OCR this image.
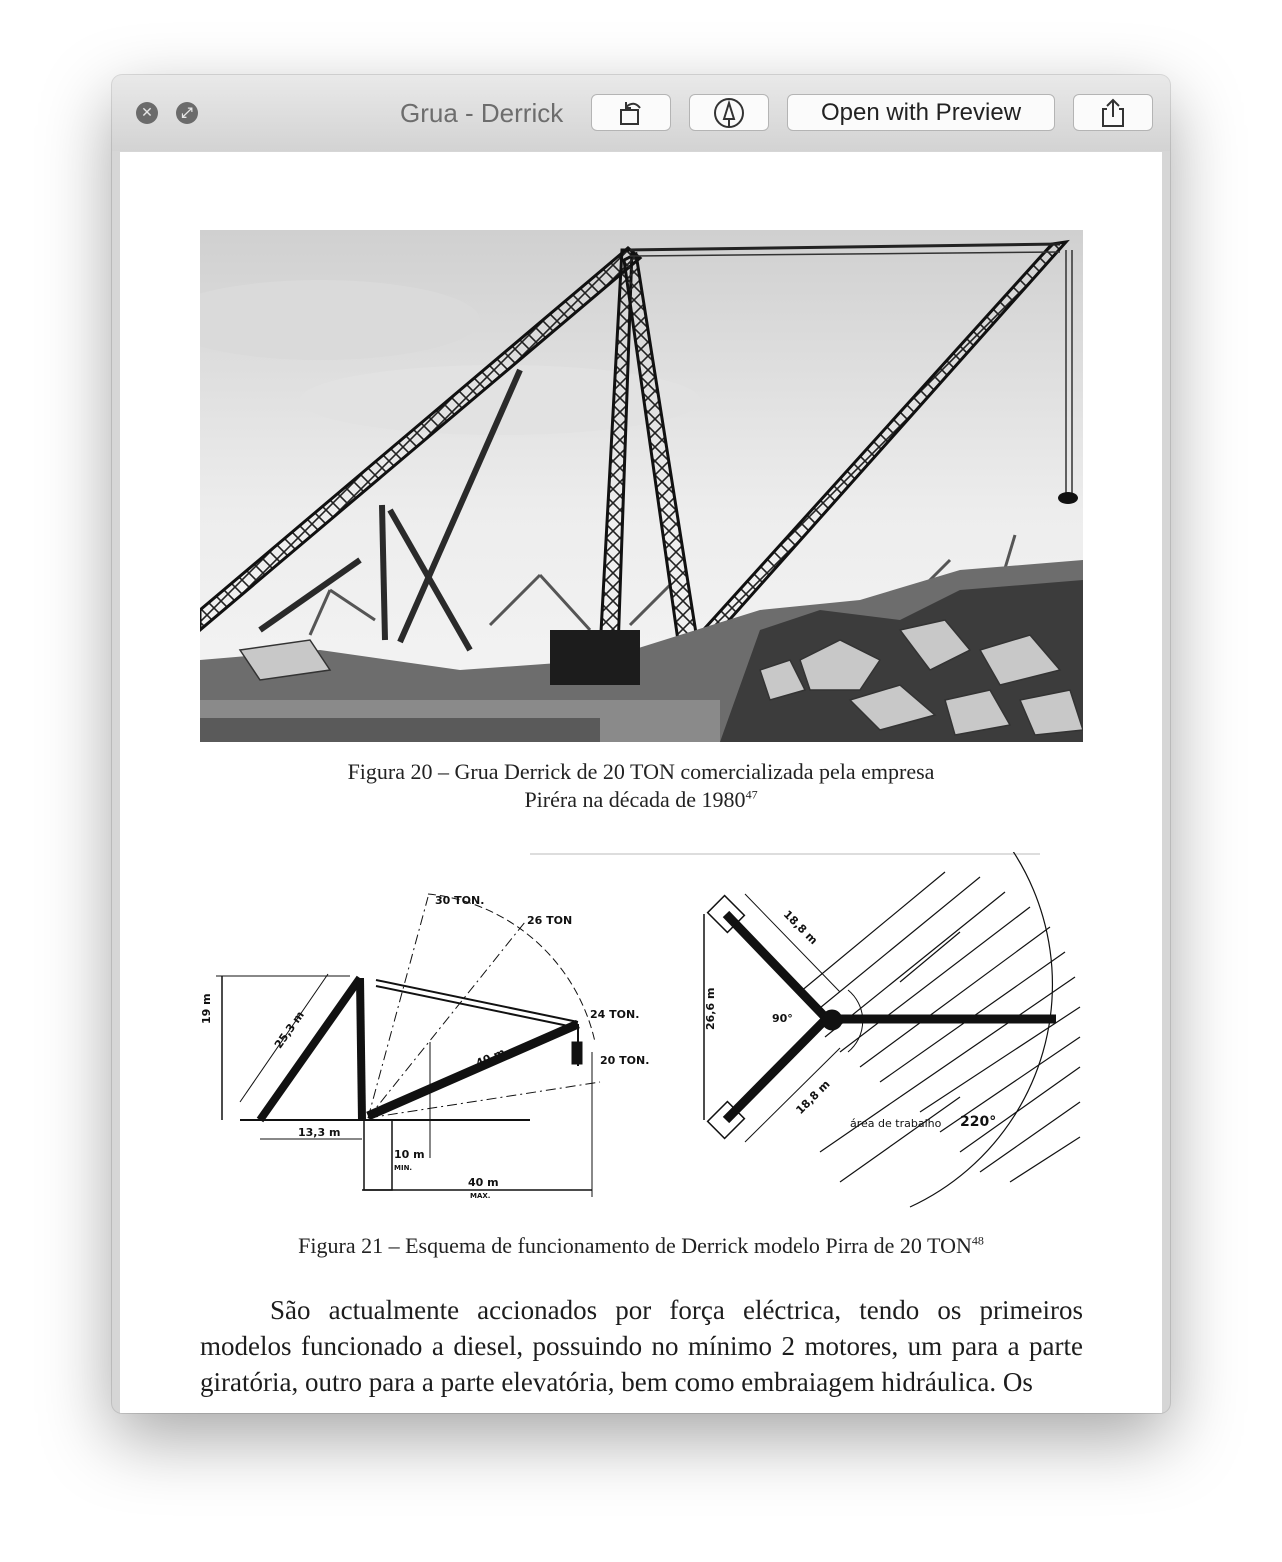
✕	⤢	Grua - Derrick	Open with Preview
Figura 20 – Grua Derrick de 20 TON comercializada pela empresa
Piréra na década de 1980$^{47}$
30 TON.
26 TON
24 TON.
20 TON.
19 m
25,3 m
40 m
13,3 m
10 m
MIN.
40 m
MAX.
26,6 m
18,8 m
18,8 m
90°
área de trabalho 220°
Figura 21 – Esquema de funcionamento de Derrick modelo Pirra de 20 TON$^{48}$

São actualmente accionados por força eléctrica, tendo os primeiros modelos funcionado a diesel, possuindo no mínimo 2 motores, um para a parte giratória, outro para a parte elevatória, bem como embraiagem hidráulica. Os
